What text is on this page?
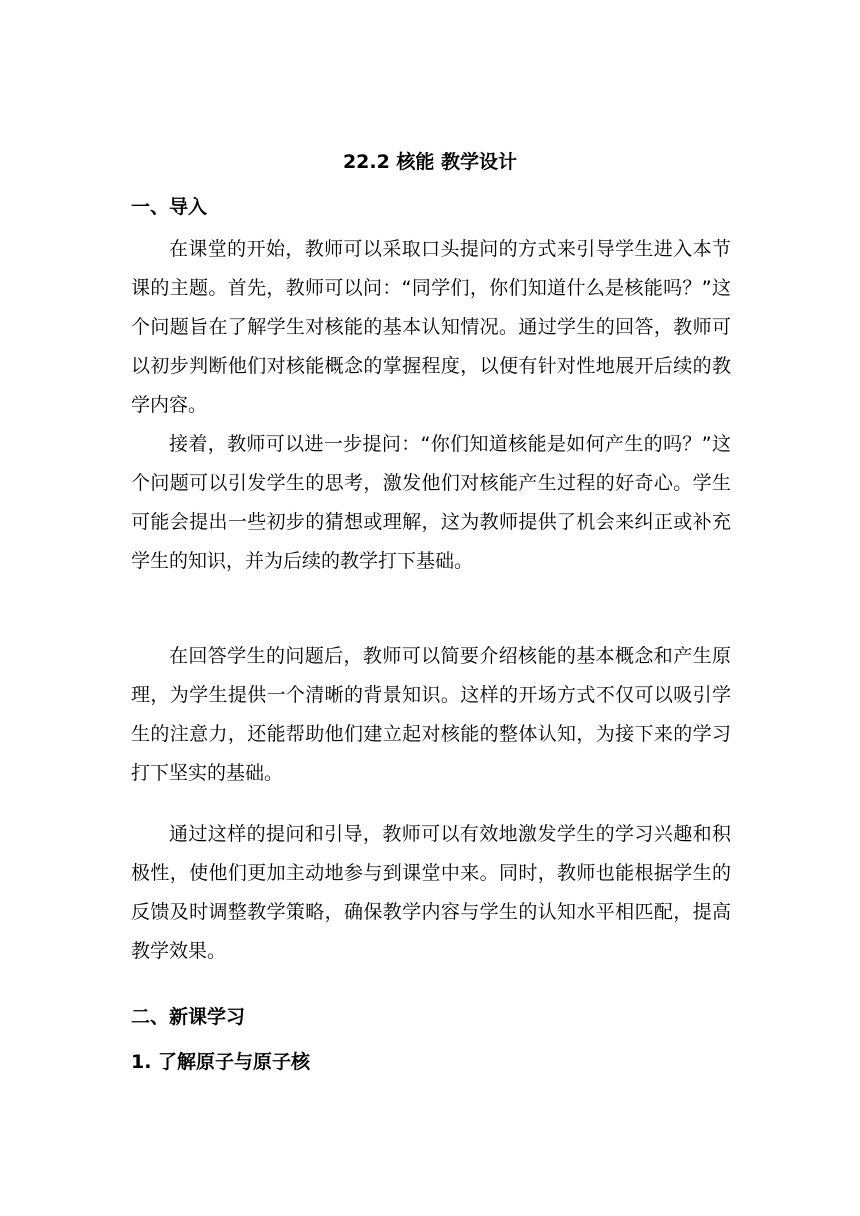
22.2 核能 教学设计
一、导入

在课堂的开始，教师可以采取口头提问的方式来引导学生进入本节课的主题。首先，教师可以问：“同学们，你们知道什么是核能吗？”这个问题旨在了解学生对核能的基本认知情况。通过学生的回答，教师可以初步判断他们对核能概念的掌握程度，以便有针对性地展开后续的教学内容。

接着，教师可以进一步提问：“你们知道核能是如何产生的吗？”这个问题可以引发学生的思考，激发他们对核能产生过程的好奇心。学生可能会提出一些初步的猜想或理解，这为教师提供了机会来纠正或补充学生的知识，并为后续的教学打下基础。

在回答学生的问题后，教师可以简要介绍核能的基本概念和产生原理，为学生提供一个清晰的背景知识。这样的开场方式不仅可以吸引学生的注意力，还能帮助他们建立起对核能的整体认知，为接下来的学习打下坚实的基础。

通过这样的提问和引导，教师可以有效地激发学生的学习兴趣和积极性，使他们更加主动地参与到课堂中来。同时，教师也能根据学生的反馈及时调整教学策略，确保教学内容与学生的认知水平相匹配，提高教学效果。

二、新课学习
1. 了解原子与原子核
